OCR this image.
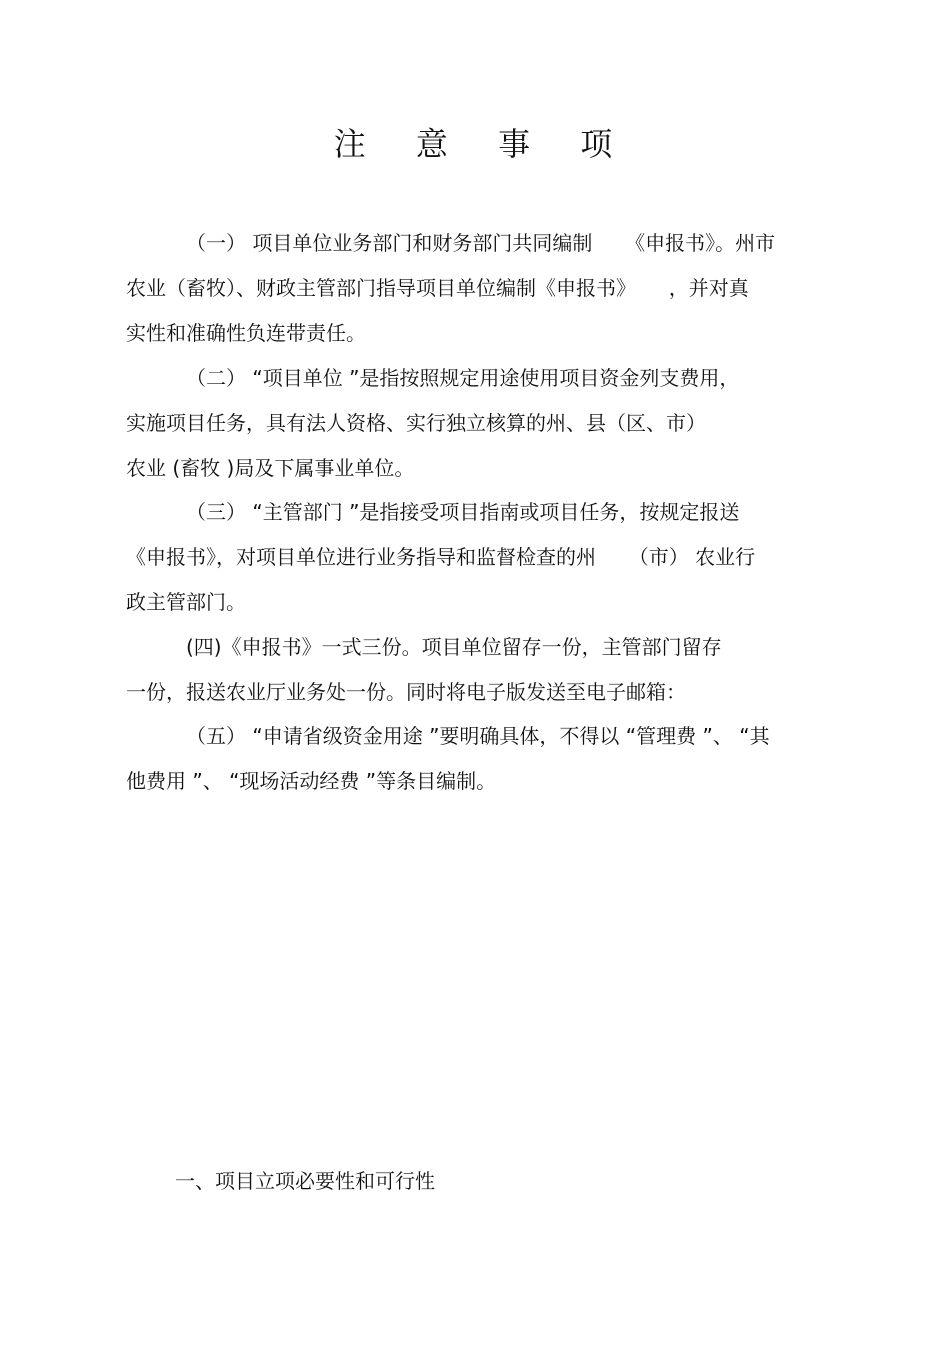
注 意 事 项
（一） 项目单位业务部门和财务部门共同编制 　 《申报书》。州市
农业（畜牧）、财政主管部门指导项目单位编制《申报书》 　 ，并对真
实性和准确性负连带责任。
（二） “项目单位 ”是指按照规定用途使用项目资金列支费用，
实施项目任务，具有法人资格、实行独立核算的州、县（区、市）
农业 (畜牧 )局及下属事业单位。
（三） “主管部门 ”是指接受项目指南或项目任务，按规定报送
《申报书》，对项目单位进行业务指导和监督检查的州 　 （市） 农业行
政主管部门。
(四)《申报书》一式三份。项目单位留存一份，主管部门留存
一份，报送农业厅业务处一份。同时将电子版发送至电子邮箱：
（五） “申请省级资金用途 ”要明确具体，不得以 “管理费 ”、 “其
他费用 ”、 “现场活动经费 ”等条目编制。
一、项目立项必要性和可行性
